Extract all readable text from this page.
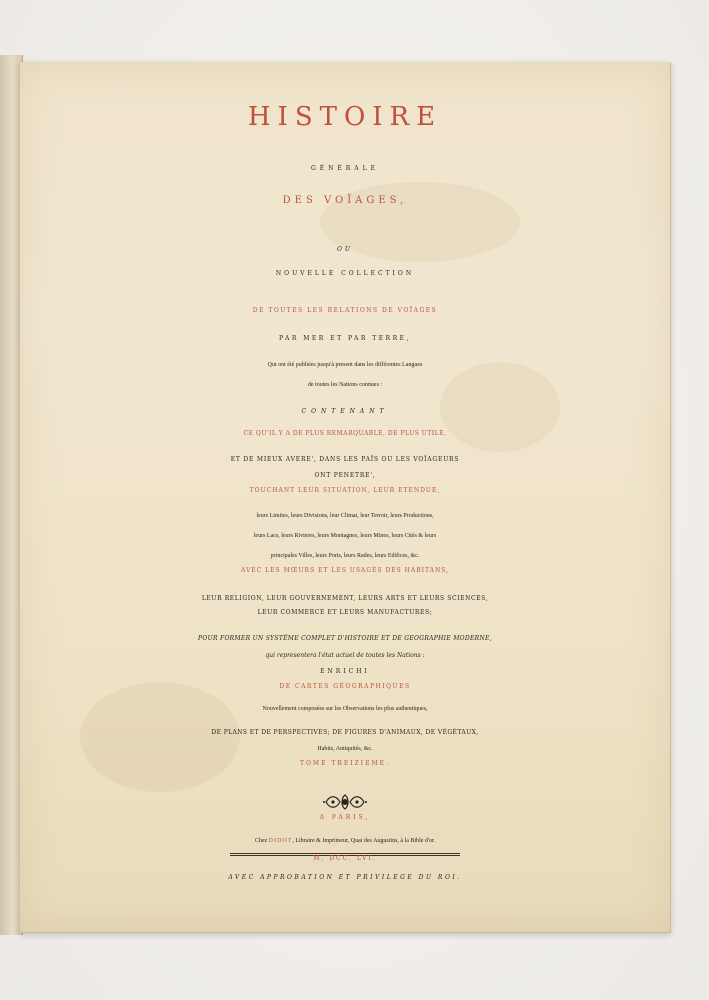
HISTOIRE

GÉNÉRALE

DES VOÏAGES,

OU

NOUVELLE COLLECTION

DE TOUTES LES RELATIONS DE VOÏAGES

PAR MER ET PAR TERRE,

Qui ont été publiées jusqu'à present dans les différentes Langues

de toutes les Nations connues :

CONTENANT

CE QU'IL Y A DE PLUS REMARQUABLE, DE PLUS UTILE,

ET DE MIEUX AVERE', DANS LES PAÏS OU LES VOÏAGEURS

ONT PENETRE',

TOUCHANT LEUR SITUATION, LEUR ETENDUE,

leurs Limites, leurs Divisions, leur Climat, leur Terroir, leurs Productions,

leurs Lacs, leurs Rivieres, leurs Montagnes, leurs Mines, leurs Cités & leurs

principales Villes, leurs Ports, leurs Rades, leurs Edifices, &c.

AVEC LES MŒURS ET LES USAGES DES HABITANS,

LEUR RELIGION, LEUR GOUVERNEMENT, LEURS ARTS ET LEURS SCIENCES,

LEUR COMMERCE ET LEURS MANUFACTURES;

POUR FORMER UN SYSTÊME COMPLET D'HISTOIRE ET DE GEOGRAPHIE MODERNE,

qui representera l'état actuel de toutes les Nations :

ENRICHI

DE CARTES GÉOGRAPHIQUES

Nouvellement composées sur les Observations les plus authentiques,

DE PLANS ET DE PERSPECTIVES; DE FIGURES D'ANIMAUX, DE VÉGÉTAUX,

Habits, Antiquités, &c.

TOME TREIZIEME.

A PARIS,

Chez DIDOT, Libraire & Imprimeur, Quai des Augustins, à la Bible d'or.

M. DCC. LVI.

AVEC APPROBATION ET PRIVILEGE DU ROI.
